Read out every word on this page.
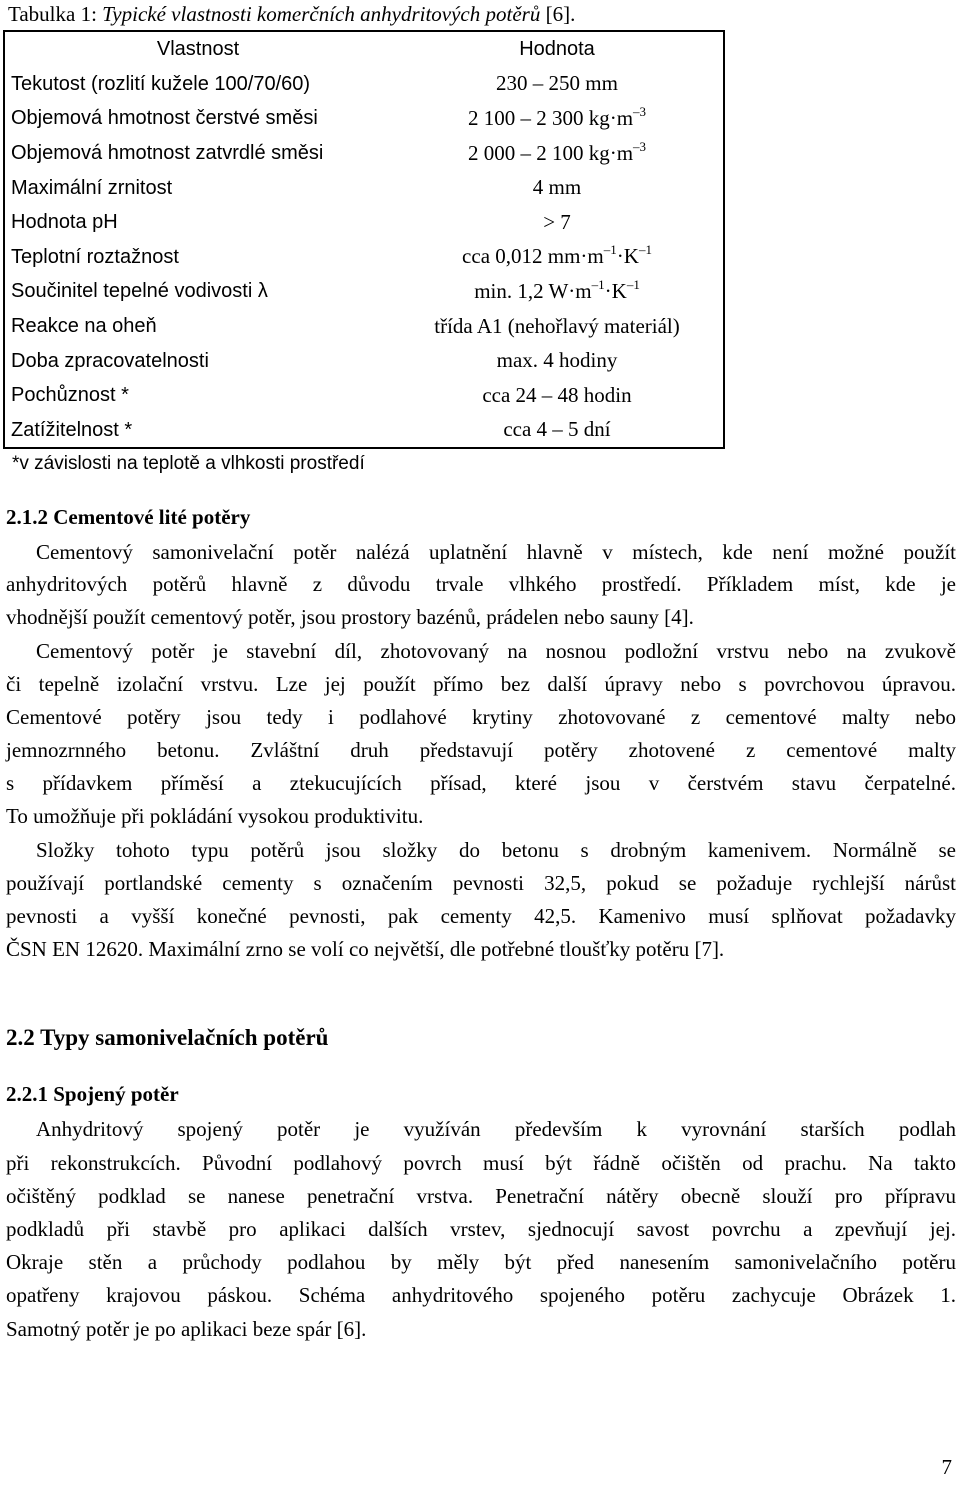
Tabulka 1: Typické vlastnosti komerčních anhydritových potěrů [6].
Vlastnost	Hodnota
Tekutost (rozlití kužele 100/70/60)	230 – 250 mm
Objemová hmotnost čerstvé směsi	2 100 – 2 300 $kg\cdot m^{-3}$
Objemová hmotnost zatvrdlé směsi	2 000 – 2 100 $kg\cdot m^{-3}$
Maximální zrnitost	4 mm
Hodnota pH	> 7
Teplotní roztažnost	cca 0,012 $mm\cdot m^{-1}\cdot K^{-1}$
Součinitel tepelné vodivosti λ	min. 1,2 $W\cdot m^{-1}\cdot K^{-1}$
Reakce na oheň	třída A1 (nehořlavý materiál)
Doba zpracovatelnosti	max. 4 hodiny
Pochůznost *	cca 24 – 48 hodin
Zatížitelnost *	cca 4 – 5 dní
*v závislosti na teplotě a vlhkosti prostředí
2.1.2 Cementové lité potěry
Cementový samonivelační potěr nalézá uplatnění hlavně v místech, kde není možné použít
anhydritových potěrů hlavně z důvodu trvale vlhkého prostředí. Příkladem míst, kde je
vhodnější použít cementový potěr, jsou prostory bazénů, prádelen nebo sauny [4].
Cementový potěr je stavební díl, zhotovovaný na nosnou podložní vrstvu nebo na zvukově
či tepelně izolační vrstvu. Lze jej použít přímo bez další úpravy nebo s povrchovou úpravou.
Cementové potěry jsou tedy i podlahové krytiny zhotovované z cementové malty nebo
jemnozrnného betonu. Zvláštní druh představují potěry zhotovené z cementové malty
s přídavkem příměsí a ztekucujících přísad, které jsou v čerstvém stavu čerpatelné.
To umožňuje při pokládání vysokou produktivitu.
Složky tohoto typu potěrů jsou složky do betonu s drobným kamenivem. Normálně se
používají portlandské cementy s označením pevnosti 32,5, pokud se požaduje rychlejší nárůst
pevnosti a vyšší konečné pevnosti, pak cementy 42,5. Kamenivo musí splňovat požadavky
ČSN EN 12620. Maximální zrno se volí co největší, dle potřebné tloušťky potěru [7].
2.2 Typy samonivelačních potěrů
2.2.1 Spojený potěr
Anhydritový spojený potěr je využíván především k vyrovnání starších podlah
při rekonstrukcích. Původní podlahový povrch musí být řádně očištěn od prachu. Na takto
očištěný podklad se nanese penetrační vrstva. Penetrační nátěry obecně slouží pro přípravu
podkladů při stavbě pro aplikaci dalších vrstev, sjednocují savost povrchu a zpevňují jej.
Okraje stěn a průchody podlahou by měly být před nanesením samonivelačního potěru
opatřeny krajovou páskou. Schéma anhydritového spojeného potěru zachycuje Obrázek 1.
Samotný potěr je po aplikaci beze spár [6].
7
